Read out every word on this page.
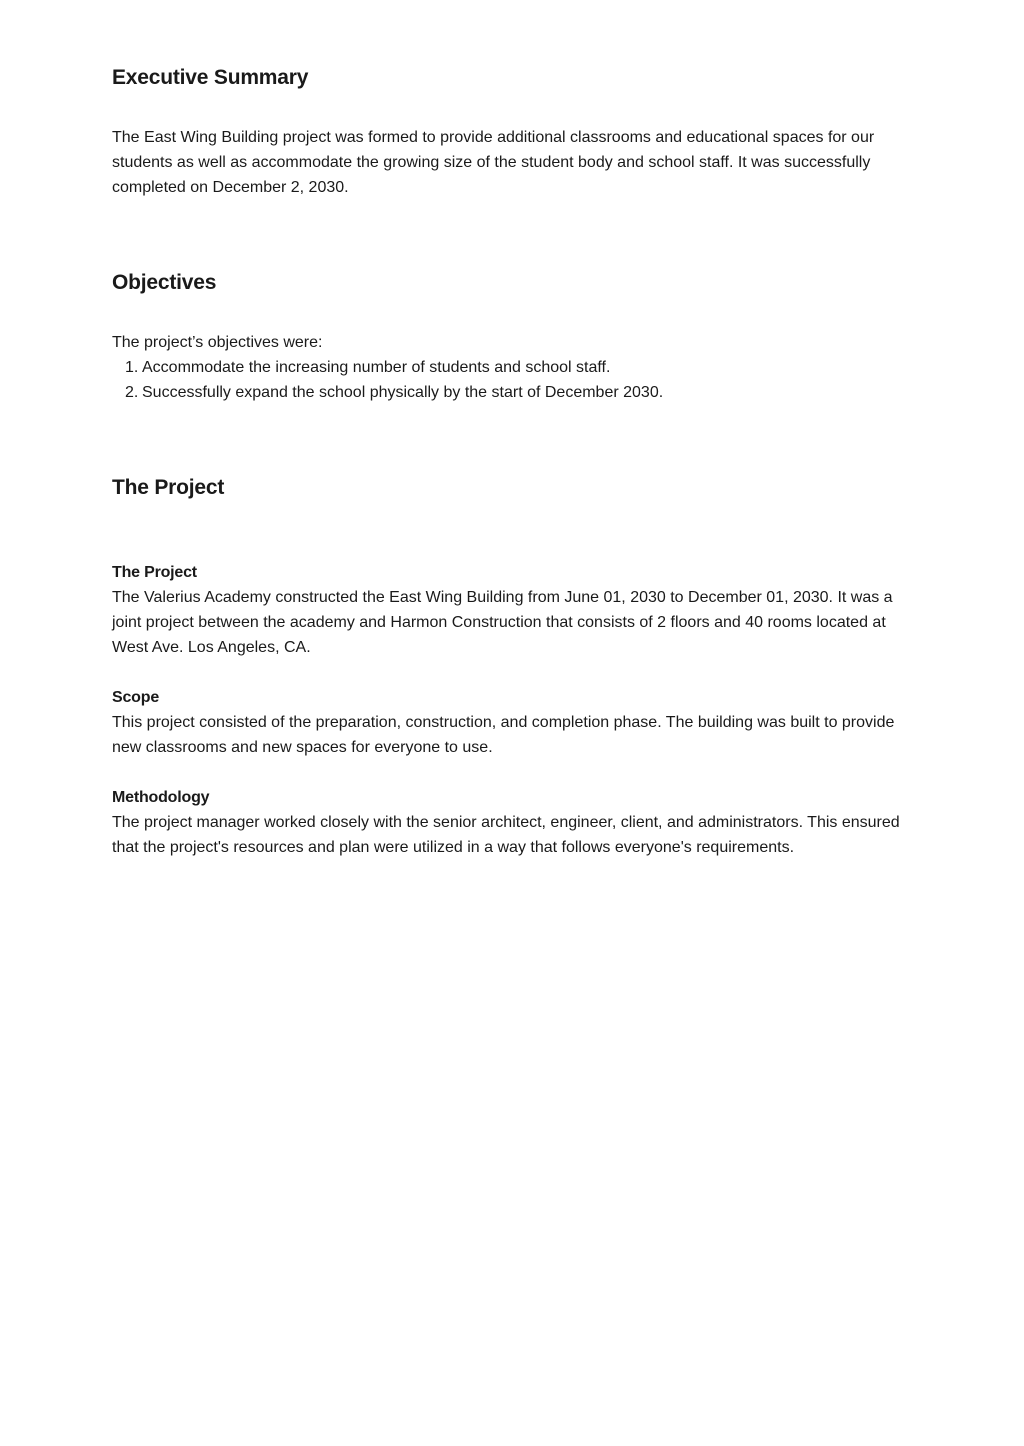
Executive Summary

The East Wing Building project was formed to provide additional classrooms and educational spaces for our students as well as accommodate the growing size of the student body and school staff. It was successfully completed on December 2, 2030.

Objectives

The project’s objectives were:

1. Accommodate the increasing number of students and school staff.
2. Successfully expand the school physically by the start of December 2030.
The Project
The Project

The Valerius Academy constructed the East Wing Building from June 01, 2030 to December 01, 2030. It was a joint project between the academy and Harmon Construction that consists of 2 floors and 40 rooms located at West Ave. Los Angeles, CA.

Scope

This project consisted of the preparation, construction, and completion phase. The building was built to provide new classrooms and new spaces for everyone to use.

Methodology

The project manager worked closely with the senior architect, engineer, client, and administrators. This ensured that the project's resources and plan were utilized in a way that follows everyone's requirements.
